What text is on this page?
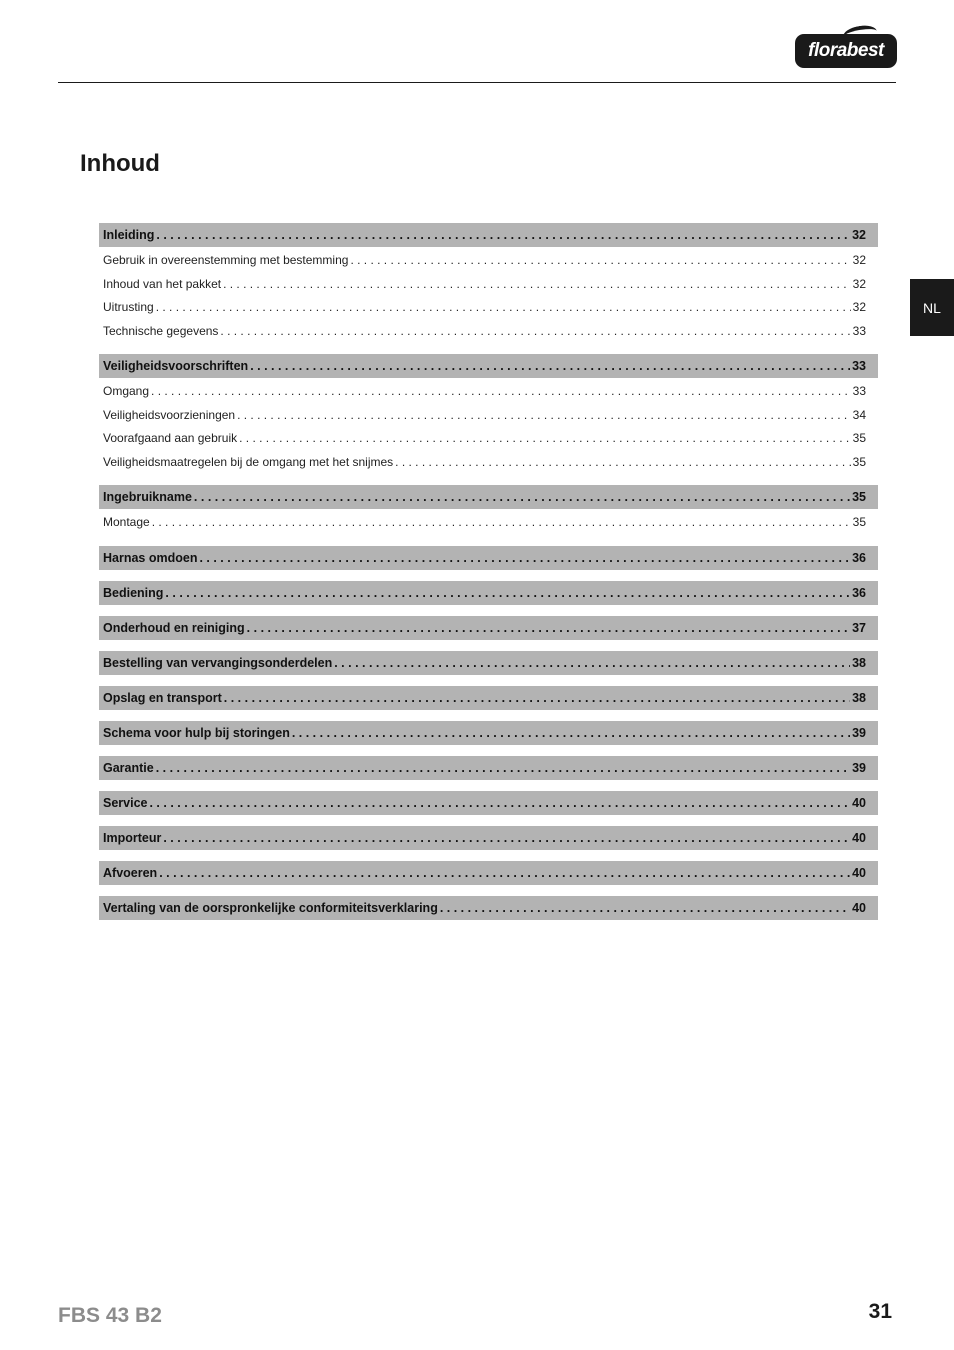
florabest
NL
Inhoud
Inleiding . . .	32
Gebruik in overeenstemming met bestemming . . .	32
Inhoud van het pakket . . .	32
Uitrusting . . .	32
Technische gegevens . . .	33
Veiligheidsvoorschriften . . .	33
Omgang . . .	33
Veiligheidsvoorzieningen . . .	34
Voorafgaand aan gebruik . . .	35
Veiligheidsmaatregelen bij de omgang met het snijmes . . .	35
Ingebruikname . . .	35
Montage . . .	35
Harnas omdoen . . .	36
Bediening . . .	36
Onderhoud en reiniging . . .	37
Bestelling van vervangingsonderdelen . . .	38
Opslag en transport . . .	38
Schema voor hulp bij storingen . . .	39
Garantie . . .	39
Service . . .	40
Importeur . . .	40
Afvoeren . . .	40
Vertaling van de oorspronkelijke conformiteitsverklaring . . .	40
FBS 43 B2	31
